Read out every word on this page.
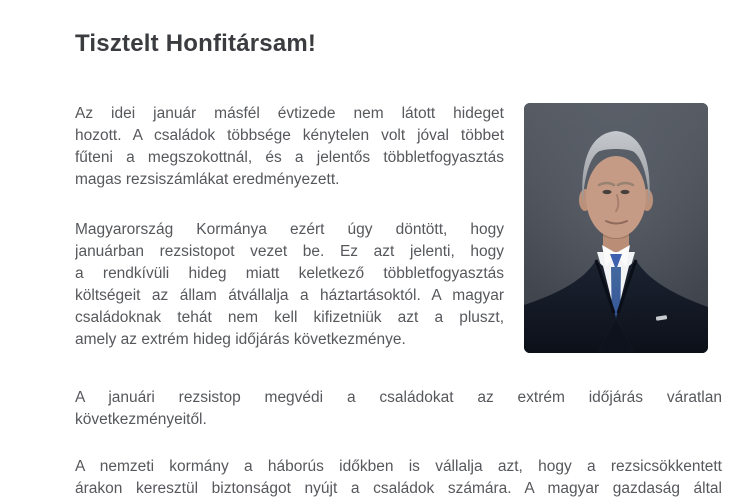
Tisztelt Honfitársam!
Az idei január másfél évtizede nem látott hideget
hozott. A családok többsége kénytelen volt jóval többet
fűteni a megszokottnál, és a jelentős többletfogyasztás
magas rezsiszámlákat eredményezett.
Magyarország Kormánya ezért úgy döntött, hogy
januárban rezsistopot vezet be. Ez azt jelenti, hogy
a rendkívüli hideg miatt keletkező többletfogyasztás
költségeit az állam átvállalja a háztartásoktól. A magyar
családoknak tehát nem kell kifizetniük azt a pluszt,
amely az extrém hideg időjárás következménye.
A januári rezsistop megvédi a családokat az extrém időjárás váratlan
következményeitől.
A nemzeti kormány a háborús időkben is vállalja azt, hogy a rezsicsökkentett
árakon keresztül biztonságot nyújt a családok számára. A magyar gazdaság által
